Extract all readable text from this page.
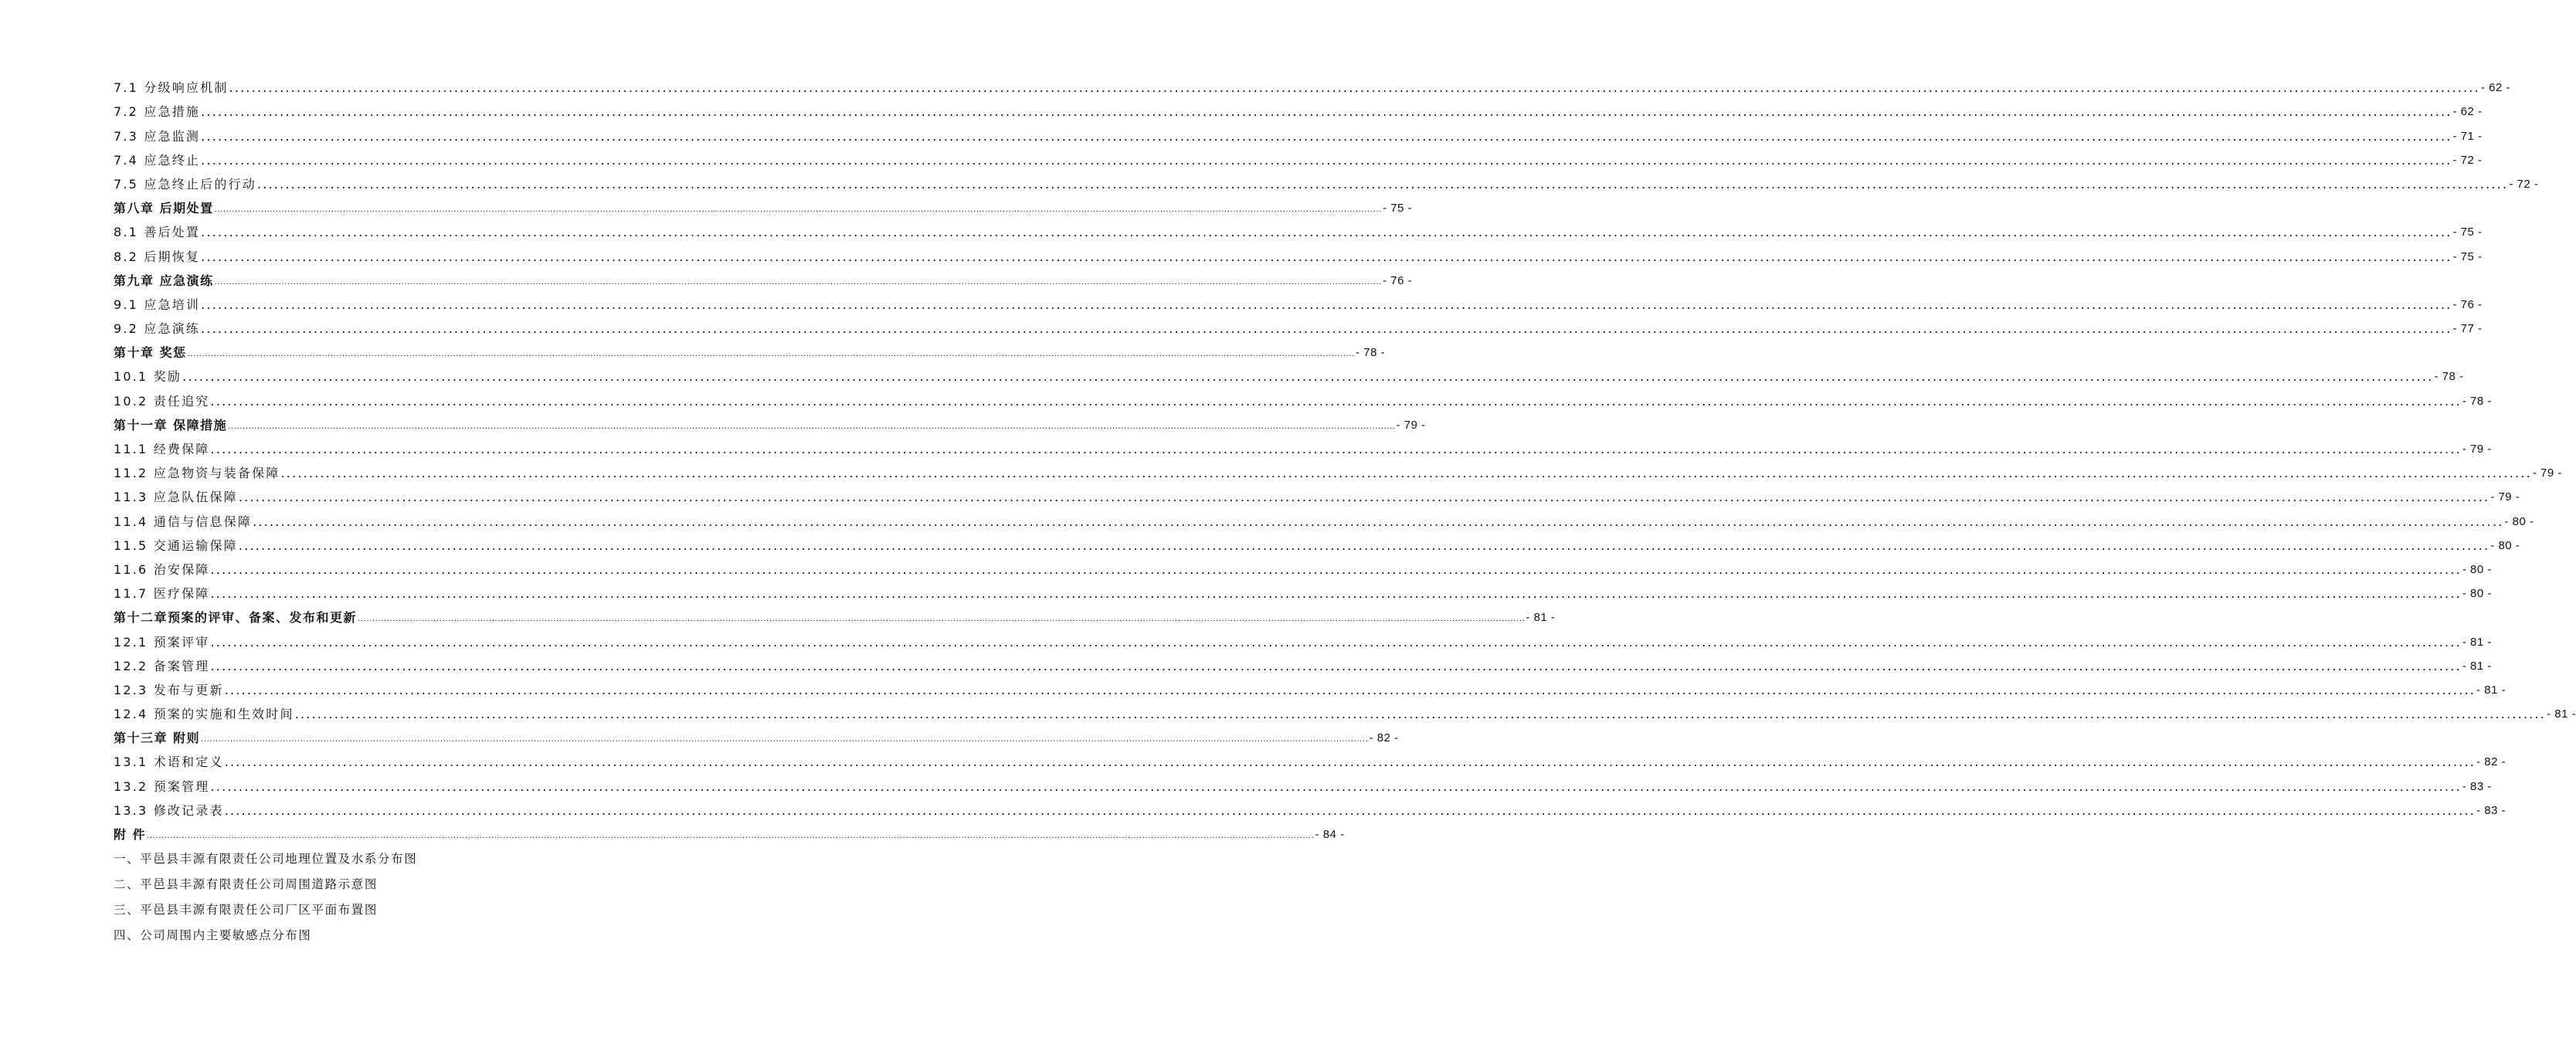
7.1 分级响应机制 ................................................................................................................................................................................................................................................................................................................................................................................................................ - 62 -
7.2 应急措施 ................................................................................................................................................................................................................................................................................................................................................................................................................ - 62 -
7.3 应急监测 ................................................................................................................................................................................................................................................................................................................................................................................................................ - 71 -
7.4 应急终止 ................................................................................................................................................................................................................................................................................................................................................................................................................ - 72 -
7.5 应急终止后的行动 ................................................................................................................................................................................................................................................................................................................................................................................................................ - 72 -
第八章 后期处置 ................................................................................................................................................................................................................................................................................................................................................................................................................ - 75 -
8.1 善后处置 ................................................................................................................................................................................................................................................................................................................................................................................................................ - 75 -
8.2 后期恢复 ................................................................................................................................................................................................................................................................................................................................................................................................................ - 75 -
第九章 应急演练 ................................................................................................................................................................................................................................................................................................................................................................................................................ - 76 -
9.1 应急培训 ................................................................................................................................................................................................................................................................................................................................................................................................................ - 76 -
9.2 应急演练 ................................................................................................................................................................................................................................................................................................................................................................................................................ - 77 -
第十章 奖惩 ................................................................................................................................................................................................................................................................................................................................................................................................................ - 78 -
10.1 奖励 ................................................................................................................................................................................................................................................................................................................................................................................................................ - 78 -
10.2 责任追究 ................................................................................................................................................................................................................................................................................................................................................................................................................ - 78 -
第十一章 保障措施 ................................................................................................................................................................................................................................................................................................................................................................................................................ - 79 -
11.1 经费保障 ................................................................................................................................................................................................................................................................................................................................................................................................................ - 79 -
11.2 应急物资与装备保障 ................................................................................................................................................................................................................................................................................................................................................................................................................ - 79 -
11.3 应急队伍保障 ................................................................................................................................................................................................................................................................................................................................................................................................................ - 79 -
11.4 通信与信息保障 ................................................................................................................................................................................................................................................................................................................................................................................................................ - 80 -
11.5 交通运输保障 ................................................................................................................................................................................................................................................................................................................................................................................................................ - 80 -
11.6 治安保障 ................................................................................................................................................................................................................................................................................................................................................................................................................ - 80 -
11.7 医疗保障 ................................................................................................................................................................................................................................................................................................................................................................................................................ - 80 -
第十二章预案的评审、备案、发布和更新 ................................................................................................................................................................................................................................................................................................................................................................................................................ - 81 -
12.1 预案评审 ................................................................................................................................................................................................................................................................................................................................................................................................................ - 81 -
12.2 备案管理 ................................................................................................................................................................................................................................................................................................................................................................................................................ - 81 -
12.3 发布与更新 ................................................................................................................................................................................................................................................................................................................................................................................................................ - 81 -
12.4 预案的实施和生效时间 ................................................................................................................................................................................................................................................................................................................................................................................................................ - 81 -
第十三章 附则 ................................................................................................................................................................................................................................................................................................................................................................................................................ - 82 -
13.1 术语和定义 ................................................................................................................................................................................................................................................................................................................................................................................................................ - 82 -
13.2 预案管理 ................................................................................................................................................................................................................................................................................................................................................................................................................ - 83 -
13.3 修改记录表 ................................................................................................................................................................................................................................................................................................................................................................................................................ - 83 -
附 件 ................................................................................................................................................................................................................................................................................................................................................................................................................ - 84 -
一、平邑县丰源有限责任公司地理位置及水系分布图
二、平邑县丰源有限责任公司周围道路示意图
三、平邑县丰源有限责任公司厂区平面布置图
四、公司周围内主要敏感点分布图
